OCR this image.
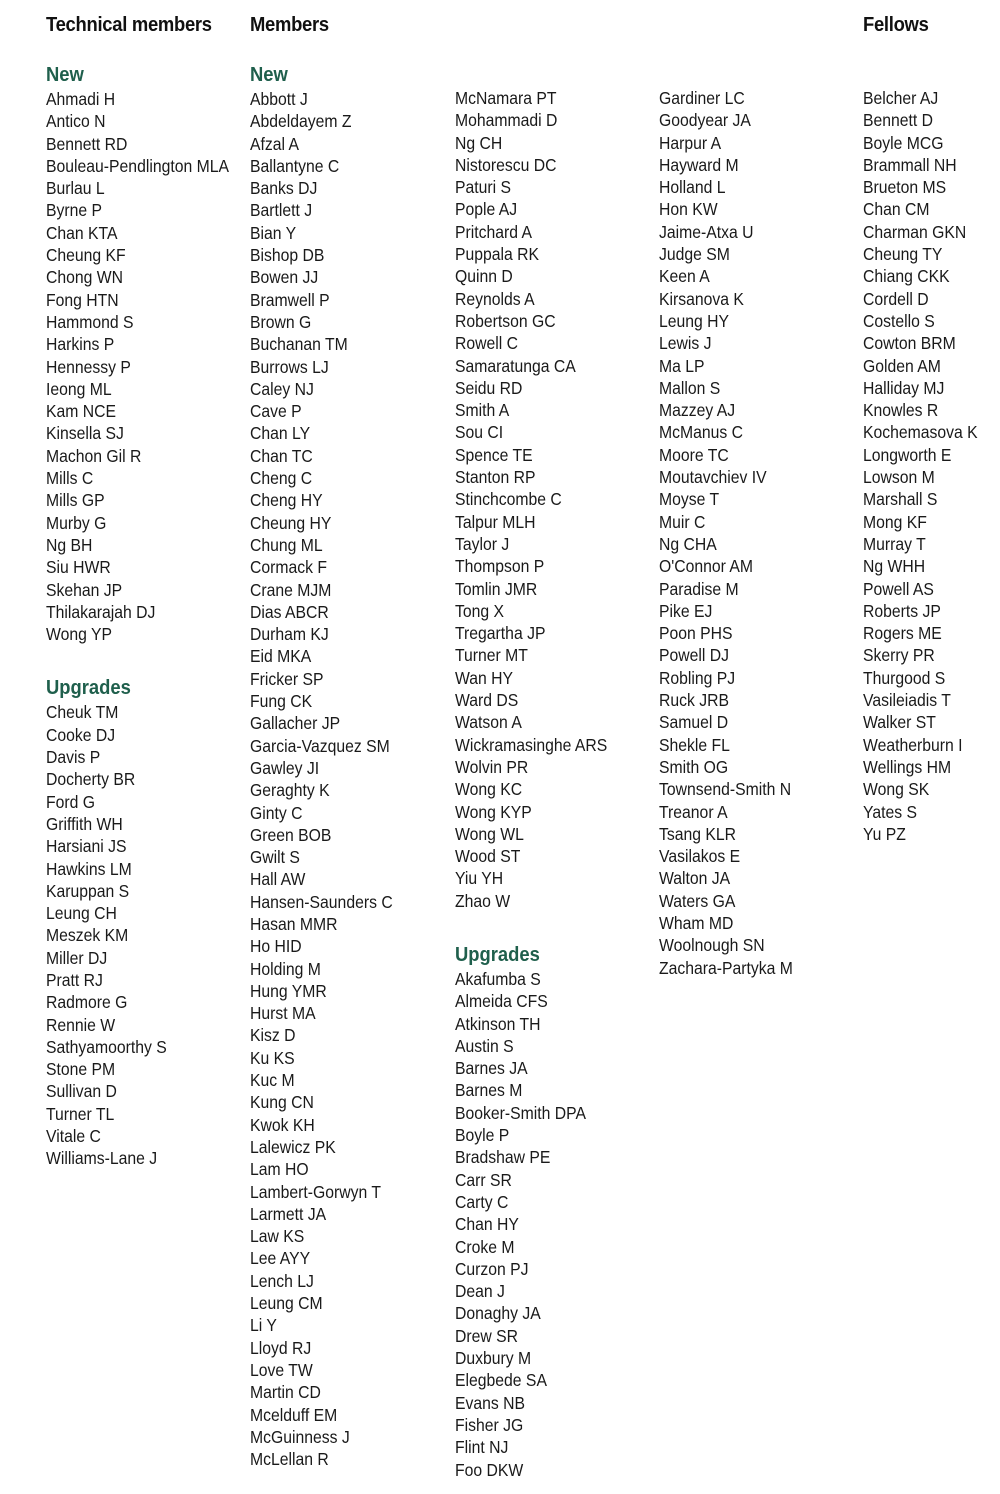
Technical members Members	Fellows
New
Ahmadi H
Antico N
Bennett RD
Bouleau-Pendlington MLA
Burlau L
Byrne P
Chan KTA
Cheung KF
Chong WN
Fong HTN
Hammond S
Harkins P
Hennessy P
Ieong ML
Kam NCE
Kinsella SJ
Machon Gil R
Mills C
Mills GP
Murby G
Ng BH
Siu HWR
Skehan JP
Thilakarajah DJ
Wong YP
Upgrades
Cheuk TM
Cooke DJ
Davis P
Docherty BR
Ford G
Griffith WH
Harsiani JS
Hawkins LM
Karuppan S
Leung CH
Meszek KM
Miller DJ
Pratt RJ
Radmore G
Rennie W
Sathyamoorthy S
Stone PM
Sullivan D
Turner TL
Vitale C
Williams-Lane J
New
Abbott J
Abdeldayem Z
Afzal A
Ballantyne C
Banks DJ
Bartlett J
Bian Y
Bishop DB
Bowen JJ
Bramwell P
Brown G
Buchanan TM
Burrows LJ
Caley NJ
Cave P
Chan LY
Chan TC
Cheng C
Cheng HY
Cheung HY
Chung ML
Cormack F
Crane MJM
Dias ABCR
Durham KJ
Eid MKA
Fricker SP
Fung CK
Gallacher JP
Garcia-Vazquez SM
Gawley JI
Geraghty K
Ginty C
Green BOB
Gwilt S
Hall AW
Hansen-Saunders C
Hasan MMR
Ho HID
Holding M
Hung YMR
Hurst MA
Kisz D
Ku KS
Kuc M
Kung CN
Kwok KH
Lalewicz PK
Lam HO
Lambert-Gorwyn T
Larmett JA
Law KS
Lee AYY
Lench LJ
Leung CM
Li Y
Lloyd RJ
Love TW
Martin CD
Mcelduff EM
McGuinness J
McLellan R
McNamara PT
Mohammadi D
Ng CH
Nistorescu DC
Paturi S
Pople AJ
Pritchard A
Puppala RK
Quinn D
Reynolds A
Robertson GC
Rowell C
Samaratunga CA
Seidu RD
Smith A
Sou CI
Spence TE
Stanton RP
Stinchcombe C
Talpur MLH
Taylor J
Thompson P
Tomlin JMR
Tong X
Tregartha JP
Turner MT
Wan HY
Ward DS
Watson A
Wickramasinghe ARS
Wolvin PR
Wong KC
Wong KYP
Wong WL
Wood ST
Yiu YH
Zhao W
Upgrades
Akafumba S
Almeida CFS
Atkinson TH
Austin S
Barnes JA
Barnes M
Booker-Smith DPA
Boyle P
Bradshaw PE
Carr SR
Carty C
Chan HY
Croke M
Curzon PJ
Dean J
Donaghy JA
Drew SR
Duxbury M
Elegbede SA
Evans NB
Fisher JG
Flint NJ
Foo DKW
Gardiner LC
Goodyear JA
Harpur A
Hayward M
Holland L
Hon KW
Jaime-Atxa U
Judge SM
Keen A
Kirsanova K
Leung HY
Lewis J
Ma LP
Mallon S
Mazzey AJ
McManus C
Moore TC
Moutavchiev IV
Moyse T
Muir C
Ng CHA
O'Connor AM
Paradise M
Pike EJ
Poon PHS
Powell DJ
Robling PJ
Ruck JRB
Samuel D
Shekle FL
Smith OG
Townsend-Smith N
Treanor A
Tsang KLR
Vasilakos E
Walton JA
Waters GA
Wham MD
Woolnough SN
Zachara-Partyka M
Belcher AJ
Bennett D
Boyle MCG
Brammall NH
Brueton MS
Chan CM
Charman GKN
Cheung TY
Chiang CKK
Cordell D
Costello S
Cowton BRM
Golden AM
Halliday MJ
Knowles R
Kochemasova K
Longworth E
Lowson M
Marshall S
Mong KF
Murray T
Ng WHH
Powell AS
Roberts JP
Rogers ME
Skerry PR
Thurgood S
Vasileiadis T
Walker ST
Weatherburn I
Wellings HM
Wong SK
Yates S
Yu PZ
